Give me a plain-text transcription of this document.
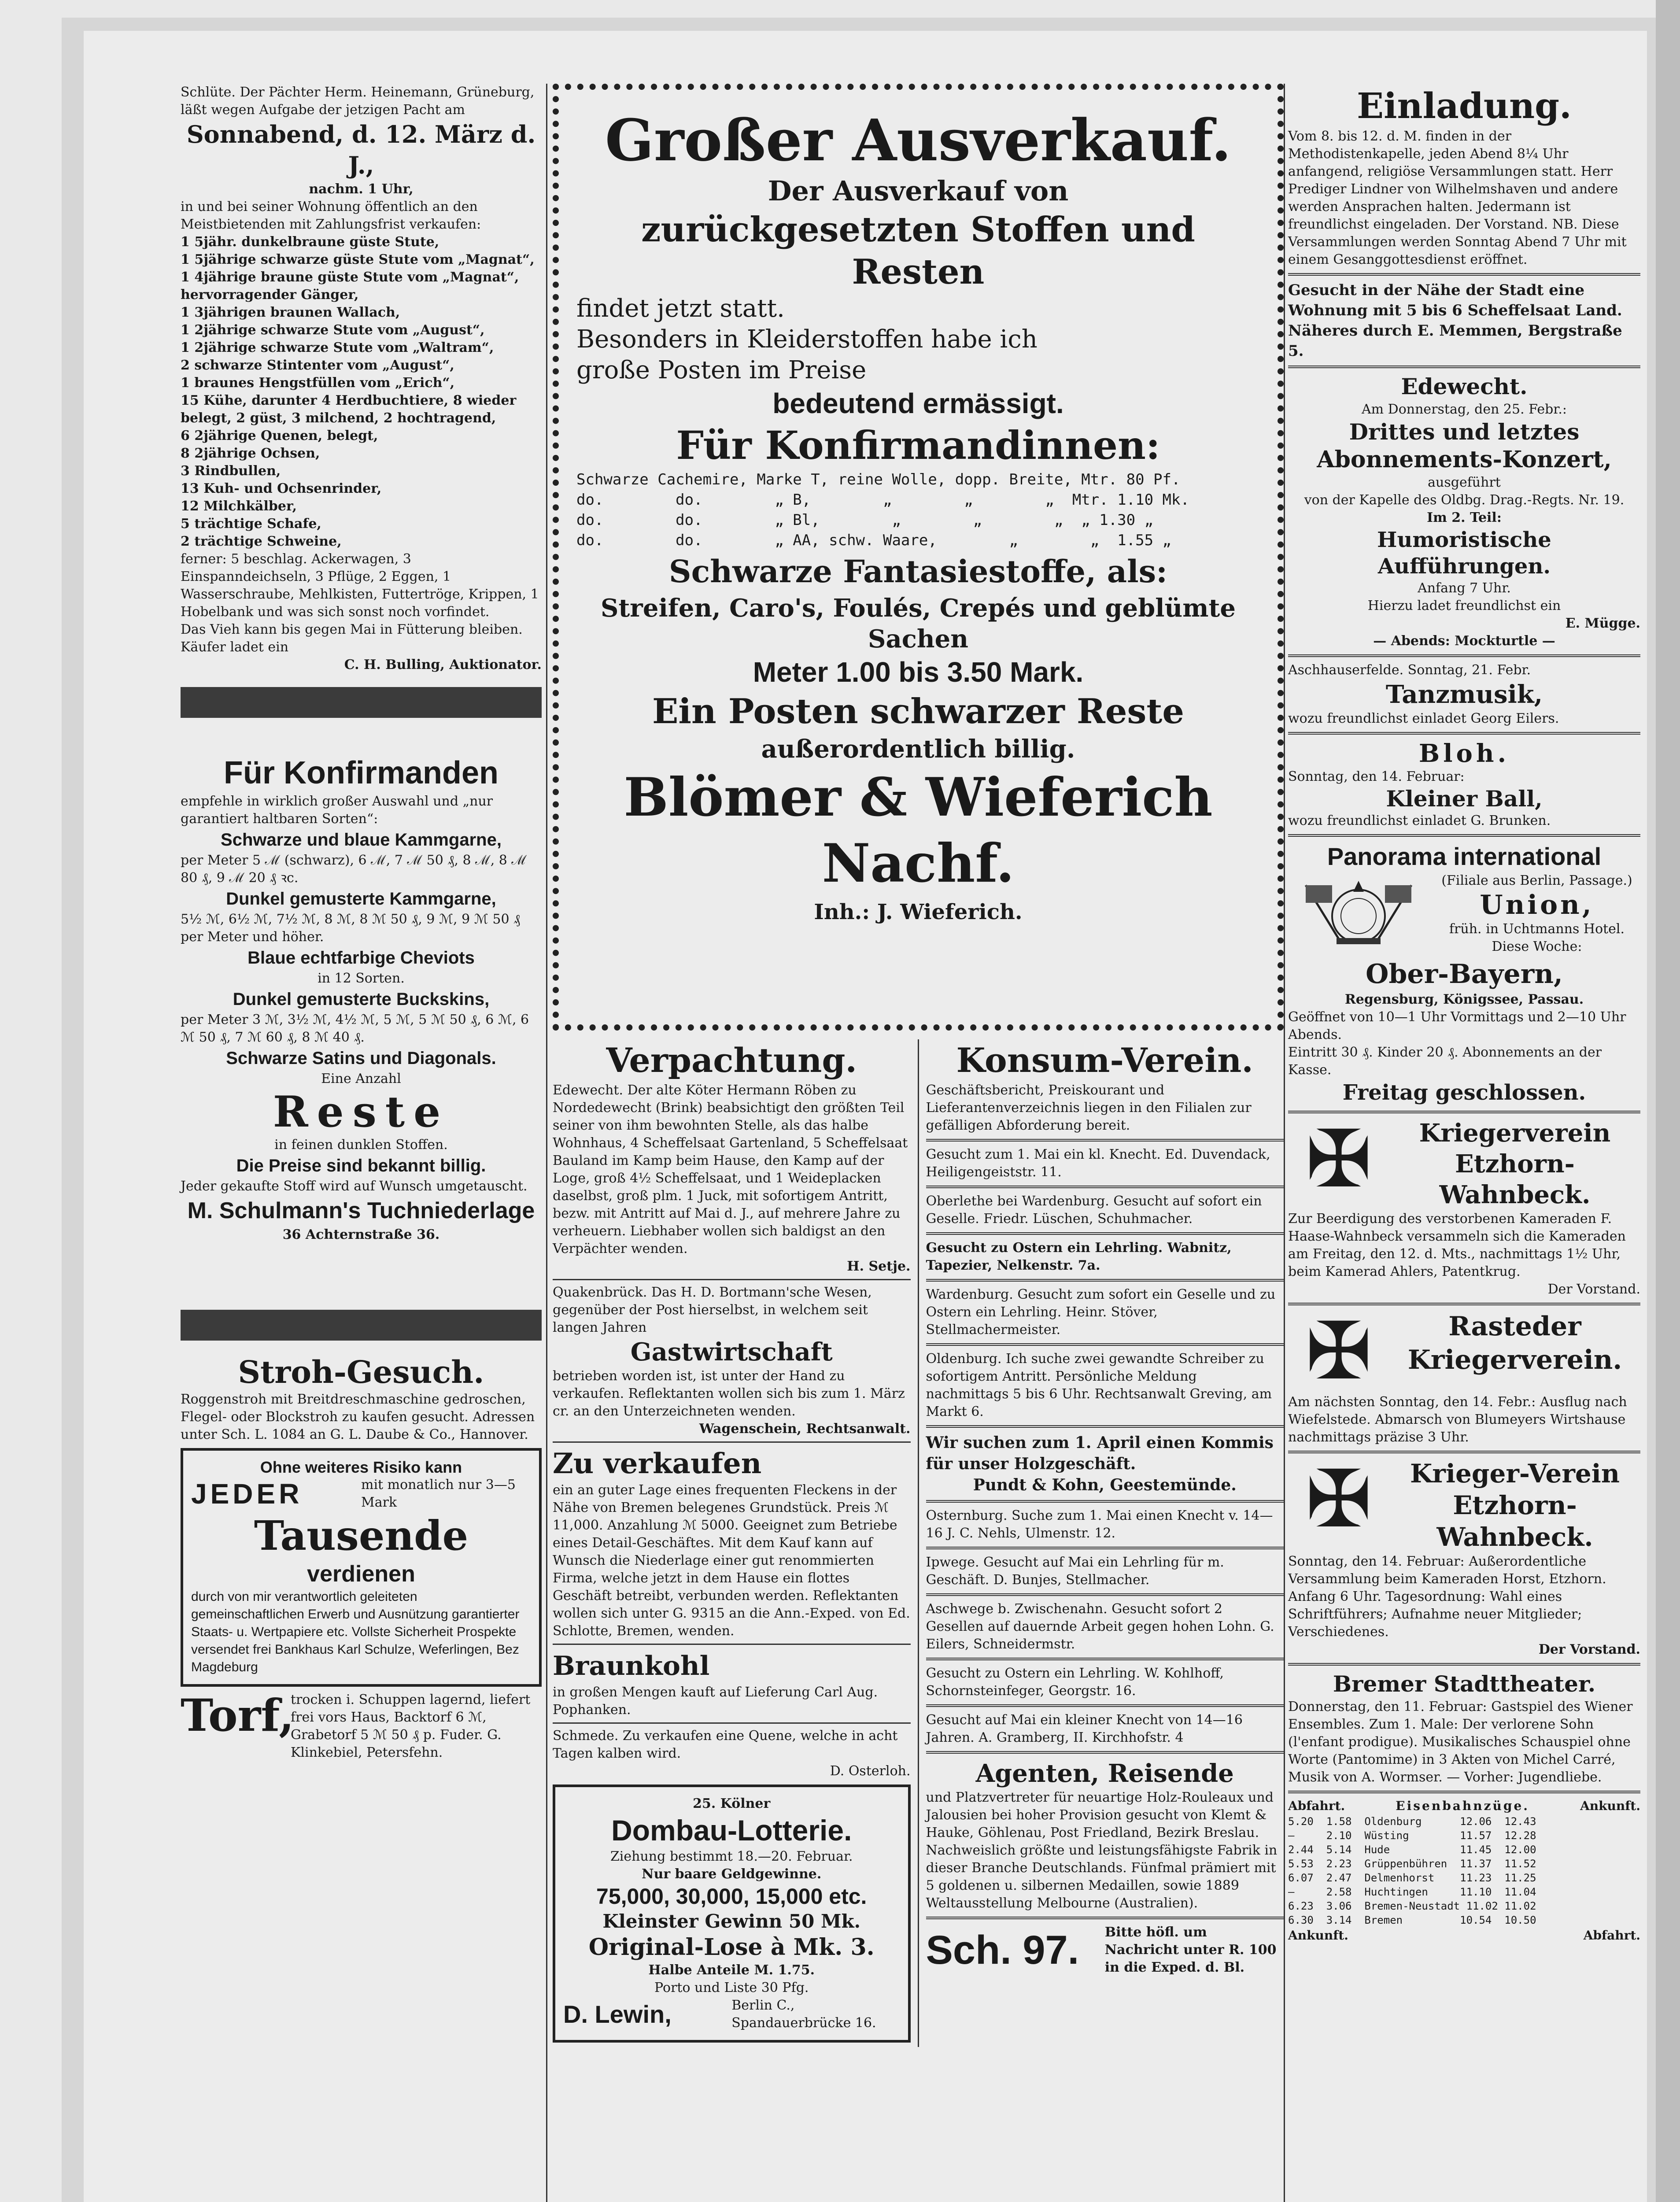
Schlüte. Der Pächter Herm. Heinemann, Grüneburg, läßt wegen Aufgabe der jetzigen Pacht am

Sonnabend, d. 12. März d. J.,

nachm. 1 Uhr,

in und bei seiner Wohnung öffentlich an den Meistbietenden mit Zahlungsfrist verkaufen:

1 5jähr. dunkelbraune güste Stute,

1 5jährige schwarze güste Stute vom „Magnat“,

1 4jährige braune güste Stute vom „Magnat“, hervorragender Gänger,

1 3jährigen braunen Wallach,

1 2jährige schwarze Stute vom „August“,

1 2jährige schwarze Stute vom „Waltram“,

2 schwarze Stintenter vom „August“,

1 braunes Hengstfüllen vom „Erich“,

15 Kühe, darunter 4 Herdbuchtiere, 8 wieder belegt, 2 güst, 3 milchend, 2 hochtragend,

6 2jährige Quenen, belegt,

8 2jährige Ochsen,

3 Rindbullen,

13 Kuh- und Ochsenrinder,

12 Milchkälber,

5 trächtige Schafe,

2 trächtige Schweine,

ferner: 5 beschlag. Ackerwagen, 3 Einspanndeichseln, 3 Pflüge, 2 Eggen, 1 Wasserschraube, Mehlkisten, Futtertröge, Krippen, 1 Hobelbank und was sich sonst noch vorfindet.

Das Vieh kann bis gegen Mai in Fütterung bleiben.

Käufer ladet ein

C. H. Bulling, Auktionator.

Für Konfirmanden

empfehle in wirklich großer Auswahl und „nur garantiert haltbaren Sorten“:

Schwarze und blaue Kammgarne,

per Meter 5 ℳ (schwarz), 6 ℳ, 7 ℳ 50 ₰, 8 ℳ, 8 ℳ 80 ₰, 9 ℳ 20 ₰ ꝛc.

Dunkel gemusterte Kammgarne,

5½ ℳ, 6½ ℳ, 7½ ℳ, 8 ℳ, 8 ℳ 50 ₰, 9 ℳ, 9 ℳ 50 ₰ per Meter und höher.

Blaue echtfarbige Cheviots

in 12 Sorten.

Dunkel gemusterte Buckskins,

per Meter 3 ℳ, 3½ ℳ, 4½ ℳ, 5 ℳ, 5 ℳ 50 ₰, 6 ℳ, 6 ℳ 50 ₰, 7 ℳ 60 ₰, 8 ℳ 40 ₰.

Schwarze Satins und Diagonals.

Eine Anzahl

Reste

in feinen dunklen Stoffen.

Die Preise sind bekannt billig.

Jeder gekaufte Stoff wird auf Wunsch umgetauscht.

M. Schulmann's Tuchniederlage

36 Achternstraße 36.

Stroh-Gesuch.

Roggenstroh mit Breitdreschmaschine gedroschen, Flegel- oder Blockstroh zu kaufen gesucht. Adressen unter Sch. L. 1084 an G. L. Daube & Co., Hannover.

Ohne weiteres Risiko kann

JEDER	mit monatlich nur 3—5 Mark

Tausende

verdienen

durch von mir verantwortlich geleiteten gemeinschaftlichen Erwerb und Ausnützung garantierter Staats- u. Wertpapiere etc. Vollste Sicherheit Prospekte versendet frei Bankhaus Karl Schulze, Weferlingen, Bez Magdeburg

Torf,

trocken i. Schuppen lagernd, liefert frei vors Haus, Backtorf 6 ℳ, Grabetorf 5 ℳ 50 ₰ p. Fuder. G. Klinkebiel, Petersfehn.

Großer Ausverkauf.

Der Ausverkauf von

zurückgesetzten Stoffen und Resten

findet jetzt statt.

Besonders in Kleiderstoffen habe ich

große Posten im Preise

bedeutend ermässigt.

Für Konfirmandinnen:

Schwarze Cachemire, Marke T, reine Wolle, dopp. Breite, Mtr. 80 Pf.

do.        do.        „ B,        „        „        „  Mtr. 1.10 Mk.

do.        do.        „ Bl,        „        „        „  „ 1.30 „

do.        do.        „ AA, schw. Waare,        „        „  1.55 „

Schwarze Fantasiestoffe, als:

Streifen, Caro's, Foulés, Crepés und geblümte Sachen

Meter 1.00 bis 3.50 Mark.

Ein Posten schwarzer Reste

außerordentlich billig.

Blömer & Wieferich Nachf.

Inh.: J. Wieferich.

Verpachtung.

Edewecht. Der alte Köter Hermann Röben zu Nordedewecht (Brink) beabsichtigt den größten Teil seiner von ihm bewohnten Stelle, als das halbe Wohnhaus, 4 Scheffelsaat Gartenland, 5 Scheffelsaat Bauland im Kamp beim Hause, den Kamp auf der Loge, groß 4½ Scheffelsaat, und 1 Weideplacken daselbst, groß plm. 1 Juck, mit sofortigem Antritt, bezw. mit Antritt auf Mai d. J., auf mehrere Jahre zu verheuern. Liebhaber wollen sich baldigst an den Verpächter wenden.

H. Setje.

Quakenbrück. Das H. D. Bortmann'sche Wesen, gegenüber der Post hierselbst, in welchem seit langen Jahren

Gastwirtschaft

betrieben worden ist, ist unter der Hand zu verkaufen. Reflektanten wollen sich bis zum 1. März cr. an den Unterzeichneten wenden.

Wagenschein, Rechtsanwalt.

Zu verkaufen

ein an guter Lage eines frequenten Fleckens in der Nähe von Bremen belegenes Grundstück. Preis ℳ 11,000. Anzahlung ℳ 5000. Geeignet zum Betriebe eines Detail-Geschäftes. Mit dem Kauf kann auf Wunsch die Niederlage einer gut renommierten Firma, welche jetzt in dem Hause ein flottes Geschäft betreibt, verbunden werden. Reflektanten wollen sich unter G. 9315 an die Ann.-Exped. von Ed. Schlotte, Bremen, wenden.

Braunkohl

in großen Mengen kauft auf Lieferung Carl Aug. Pophanken.

Schmede. Zu verkaufen eine Quene, welche in acht Tagen kalben wird.

D. Osterloh.

25. Kölner

Dombau-Lotterie.

Ziehung bestimmt 18.—20. Februar.

Nur baare Geldgewinne.

75,000, 30,000, 15,000 etc.

Kleinster Gewinn 50 Mk.

Original-Lose à Mk. 3.

Halbe Anteile M. 1.75.

Porto und Liste 30 Pfg.

D. Lewin,	Berlin C., Spandauerbrücke 16.

Konsum-Verein.

Geschäftsbericht, Preiskourant und Lieferantenverzeichnis liegen in den Filialen zur gefälligen Abforderung bereit.

Gesucht zum 1. Mai ein kl. Knecht. Ed. Duvendack, Heiligengeiststr. 11.

Oberlethe bei Wardenburg. Gesucht auf sofort ein Geselle. Friedr. Lüschen, Schuhmacher.

Gesucht zu Ostern ein Lehrling. Wabnitz, Tapezier, Nelkenstr. 7a.

Wardenburg. Gesucht zum sofort ein Geselle und zu Ostern ein Lehrling. Heinr. Stöver, Stellmachermeister.

Oldenburg. Ich suche zwei gewandte Schreiber zu sofortigem Antritt. Persönliche Meldung nachmittags 5 bis 6 Uhr. Rechtsanwalt Greving, am Markt 6.

Wir suchen zum 1. April einen Kommis für unser Holzgeschäft.

Pundt & Kohn, Geestemünde.

Osternburg. Suche zum 1. Mai einen Knecht v. 14—16 J. C. Nehls, Ulmenstr. 12.

Ipwege. Gesucht auf Mai ein Lehrling für m. Geschäft. D. Bunjes, Stellmacher.

Aschwege b. Zwischenahn. Gesucht sofort 2 Gesellen auf dauernde Arbeit gegen hohen Lohn. G. Eilers, Schneidermstr.

Gesucht zu Ostern ein Lehrling. W. Kohlhoff, Schornsteinfeger, Georgstr. 16.

Gesucht auf Mai ein kleiner Knecht von 14—16 Jahren. A. Gramberg, II. Kirchhofstr. 4

Agenten, Reisende

und Platzvertreter für neuartige Holz-Rouleaux und Jalousien bei hoher Provision gesucht von Klemt & Hauke, Göhlenau, Post Friedland, Bezirk Breslau. Nachweislich größte und leistungsfähigste Fabrik in dieser Branche Deutschlands. Fünfmal prämiert mit 5 goldenen u. silbernen Medaillen, sowie 1889 Weltausstellung Melbourne (Australien).

Sch. 97.	Bitte höfl. um Nachricht unter R. 100 in die Exped. d. Bl.

Einladung.

Vom 8. bis 12. d. M. finden in der Methodistenkapelle, jeden Abend 8¼ Uhr anfangend, religiöse Versammlungen statt. Herr Prediger Lindner von Wilhelmshaven und andere werden Ansprachen halten. Jedermann ist freundlichst eingeladen. Der Vorstand. NB. Diese Versammlungen werden Sonntag Abend 7 Uhr mit einem Gesanggottesdienst eröffnet.

Gesucht in der Nähe der Stadt eine Wohnung mit 5 bis 6 Scheffelsaat Land. Näheres durch E. Memmen, Bergstraße 5.

Edewecht.

Am Donnerstag, den 25. Febr.:

Drittes und letztes

Abonnements-Konzert,

ausgeführt

von der Kapelle des Oldbg. Drag.-Regts. Nr. 19.

Im 2. Teil:

Humoristische Aufführungen.

Anfang 7 Uhr.

Hierzu ladet freundlichst ein

E. Mügge.

— Abends: Mockturtle —

Aschhauserfelde. Sonntag, 21. Febr.

Tanzmusik,

wozu freundlichst einladet Georg Eilers.

Bloh.

Sonntag, den 14. Februar:

Kleiner Ball,

wozu freundlichst einladet G. Brunken.

Panorama international

(Filiale aus Berlin, Passage.)

Union,

früh. in Uchtmanns Hotel. Diese Woche:

Ober-Bayern,

Regensburg, Königssee, Passau.

Geöffnet von 10—1 Uhr Vormittags und 2—10 Uhr Abends.

Eintritt 30 ₰. Kinder 20 ₰. Abonnements an der Kasse.

Freitag geschlossen.

✠	Kriegerverein Etzhorn-Wahnbeck.

Zur Beerdigung des verstorbenen Kameraden F. Haase-Wahnbeck versammeln sich die Kameraden am Freitag, den 12. d. Mts., nachmittags 1½ Uhr, beim Kamerad Ahlers, Patentkrug.

Der Vorstand.

✠	Rasteder Kriegerverein.

Am nächsten Sonntag, den 14. Febr.: Ausflug nach Wiefelstede. Abmarsch von Blumeyers Wirtshause nachmittags präzise 3 Uhr.

✠	Krieger-Verein Etzhorn-Wahnbeck.

Sonntag, den 14. Februar: Außerordentliche Versammlung beim Kameraden Horst, Etzhorn. Anfang 6 Uhr. Tagesordnung: Wahl eines Schriftführers; Aufnahme neuer Mitglieder; Verschiedenes.

Der Vorstand.

Bremer Stadttheater.

Donnerstag, den 11. Februar: Gastspiel des Wiener Ensembles. Zum 1. Male: Der verlorene Sohn (l'enfant prodigue). Musikalisches Schauspiel ohne Worte (Pantomime) in 3 Akten von Michel Carré, Musik von A. Wormser. — Vorher: Jugendliebe.

Abfahrt.	Eisenbahnzüge.	Ankunft.

5.20  1.58  Oldenburg      12.06  12.43

—     2.10  Wüsting        11.57  12.28

2.44  5.14  Hude           11.45  12.00

5.53  2.23  Grüppenbühren  11.37  11.52

6.07  2.47  Delmenhorst    11.23  11.25

—     2.58  Huchtingen     11.10  11.04

6.23  3.06  Bremen-Neustadt 11.02 11.02

6.30  3.14  Bremen         10.54  10.50

Ankunft.	Abfahrt.
